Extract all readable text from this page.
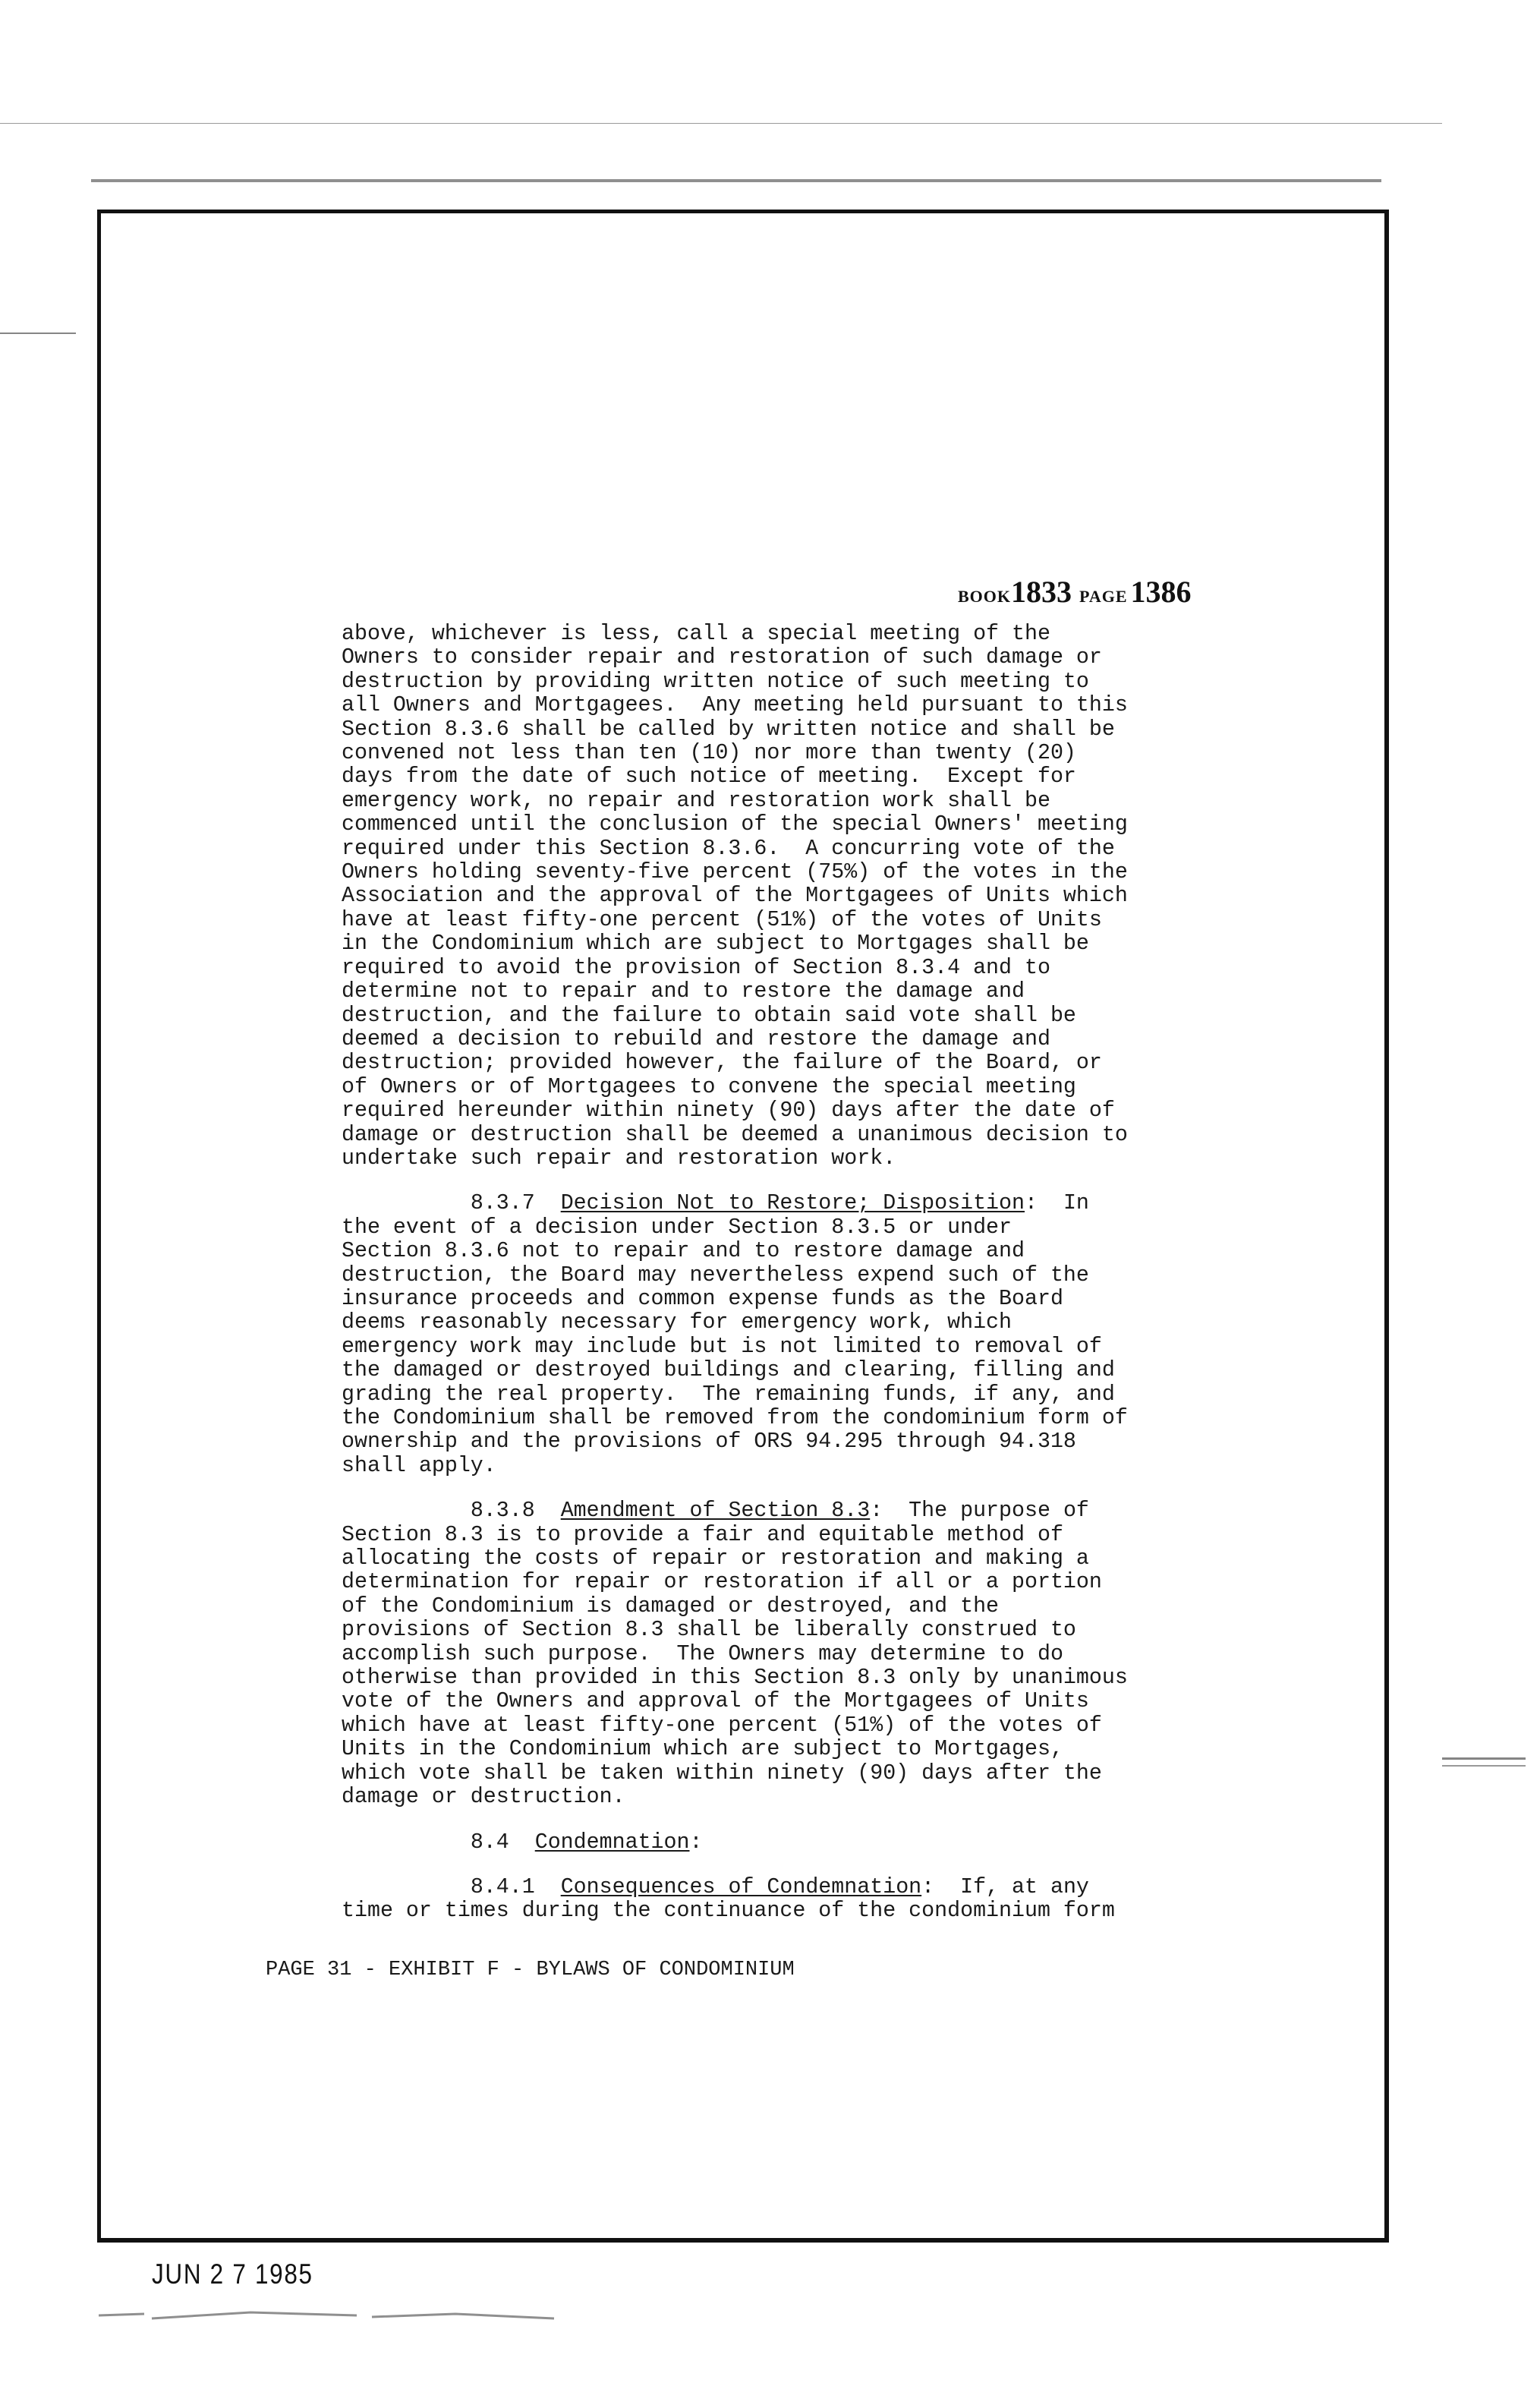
BOOK1833 PAGE 1386

above, whichever is less, call a special meeting of the
Owners to consider repair and restoration of such damage or
destruction by providing written notice of such meeting to
all Owners and Mortgagees.  Any meeting held pursuant to this
Section 8.3.6 shall be called by written notice and shall be
convened not less than ten (10) nor more than twenty (20)
days from the date of such notice of meeting.  Except for
emergency work, no repair and restoration work shall be
commenced until the conclusion of the special Owners' meeting
required under this Section 8.3.6.  A concurring vote of the
Owners holding seventy-five percent (75%) of the votes in the
Association and the approval of the Mortgagees of Units which
have at least fifty-one percent (51%) of the votes of Units
in the Condominium which are subject to Mortgages shall be
required to avoid the provision of Section 8.3.4 and to
determine not to repair and to restore the damage and
destruction, and the failure to obtain said vote shall be
deemed a decision to rebuild and restore the damage and
destruction; provided however, the failure of the Board, or
of Owners or of Mortgagees to convene the special meeting
required hereunder within ninety (90) days after the date of
damage or destruction shall be deemed a unanimous decision to
undertake such repair and restoration work.

8.3.7  Decision Not to Restore; Disposition:  In
the event of a decision under Section 8.3.5 or under
Section 8.3.6 not to repair and to restore damage and
destruction, the Board may nevertheless expend such of the
insurance proceeds and common expense funds as the Board
deems reasonably necessary for emergency work, which
emergency work may include but is not limited to removal of
the damaged or destroyed buildings and clearing, filling and
grading the real property.  The remaining funds, if any, and
the Condominium shall be removed from the condominium form of
ownership and the provisions of ORS 94.295 through 94.318
shall apply.

8.3.8  Amendment of Section 8.3:  The purpose of
Section 8.3 is to provide a fair and equitable method of
allocating the costs of repair or restoration and making a
determination for repair or restoration if all or a portion
of the Condominium is damaged or destroyed, and the
provisions of Section 8.3 shall be liberally construed to
accomplish such purpose.  The Owners may determine to do
otherwise than provided in this Section 8.3 only by unanimous
vote of the Owners and approval of the Mortgagees of Units
which have at least fifty-one percent (51%) of the votes of
Units in the Condominium which are subject to Mortgages,
which vote shall be taken within ninety (90) days after the
damage or destruction.

8.4  Condemnation:

8.4.1  Consequences of Condemnation:  If, at any
time or times during the continuance of the condominium form

PAGE 31 - EXHIBIT F - BYLAWS OF CONDOMINIUM
JUN 2 7 1985
